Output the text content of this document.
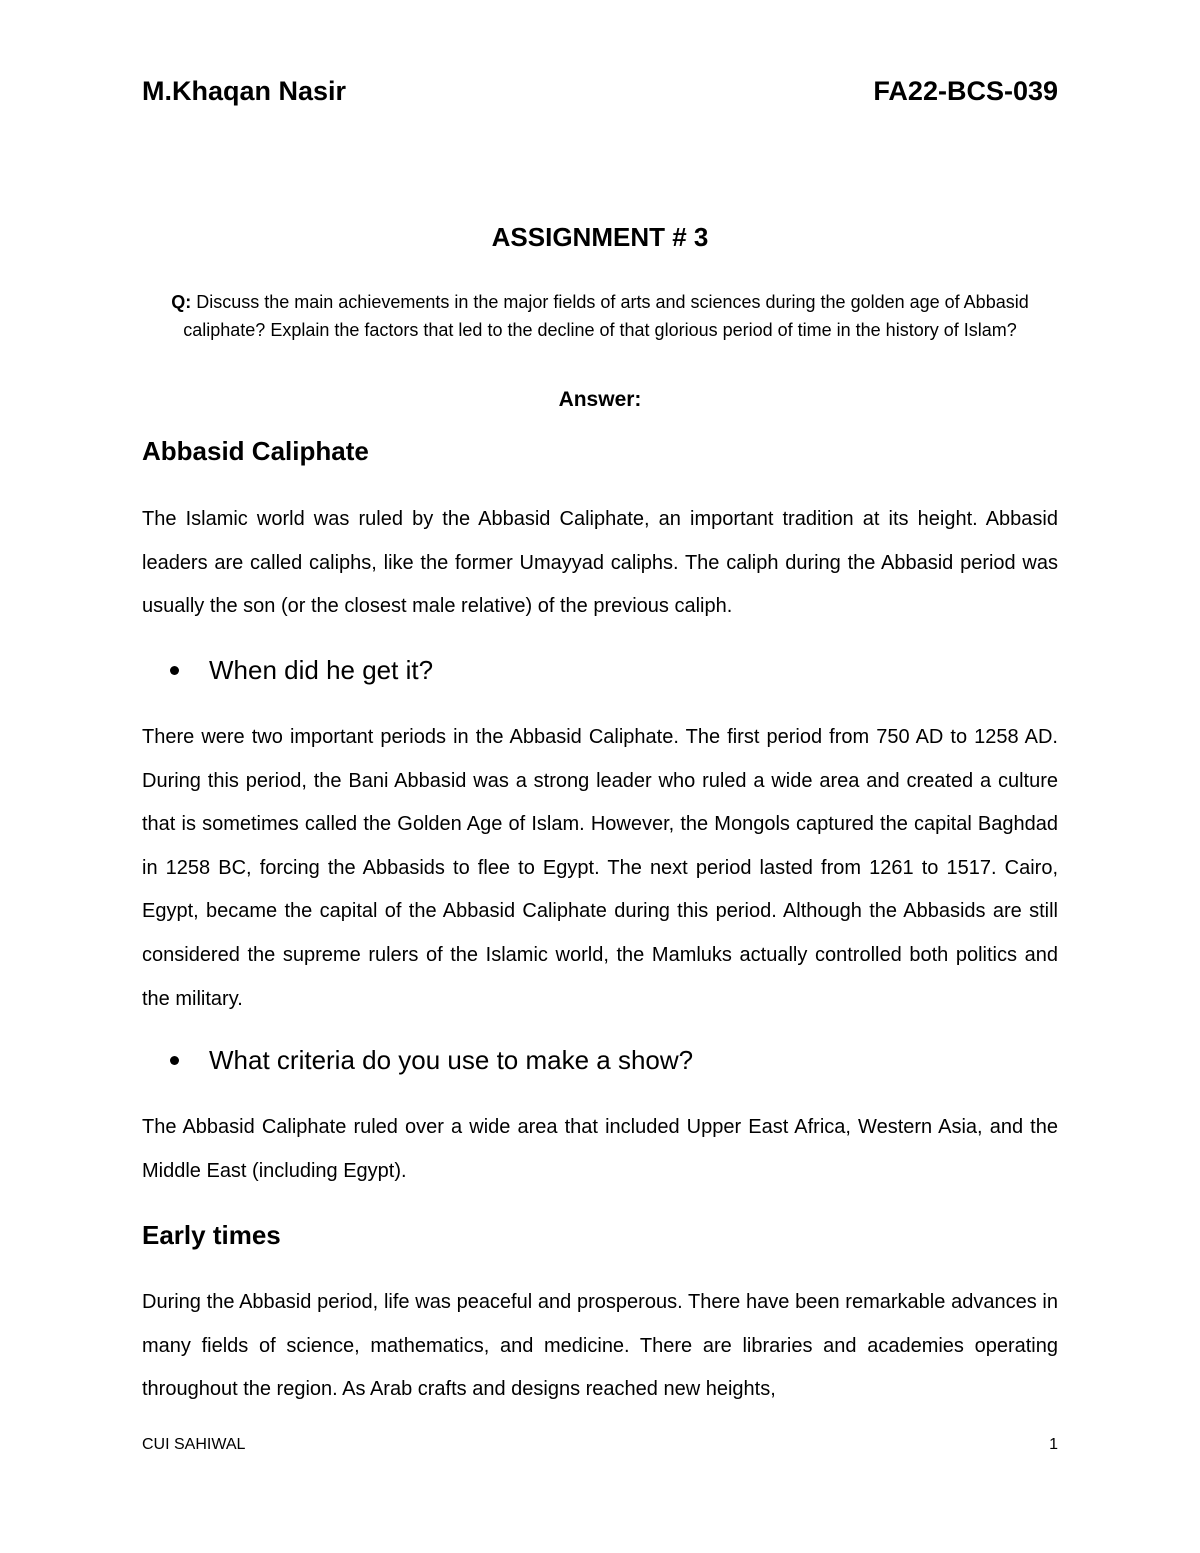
M.Khaqan Nasir	FA22-BCS-039
ASSIGNMENT # 3
Q: Discuss the main achievements in the major fields of arts and sciences during the golden age of Abbasid caliphate? Explain the factors that led to the decline of that glorious period of time in the history of Islam?
Answer:
Abbasid Caliphate
The Islamic world was ruled by the Abbasid Caliphate, an important tradition at its height. Abbasid leaders are called caliphs, like the former Umayyad caliphs. The caliph during the Abbasid period was usually the son (or the closest male relative) of the previous caliph.
When did he get it?
There were two important periods in the Abbasid Caliphate. The first period from 750 AD to 1258 AD. During this period, the Bani Abbasid was a strong leader who ruled a wide area and created a culture that is sometimes called the Golden Age of Islam. However, the Mongols captured the capital Baghdad in 1258 BC, forcing the Abbasids to flee to Egypt. The next period lasted from 1261 to 1517. Cairo, Egypt, became the capital of the Abbasid Caliphate during this period. Although the Abbasids are still considered the supreme rulers of the Islamic world, the Mamluks actually controlled both politics and the military.
What criteria do you use to make a show?
The Abbasid Caliphate ruled over a wide area that included Upper East Africa, Western Asia, and the Middle East (including Egypt).
Early times
During the Abbasid period, life was peaceful and prosperous. There have been remarkable advances in many fields of science, mathematics, and medicine. There are libraries and academies operating throughout the region. As Arab crafts and designs reached new heights,
CUI SAHIWAL	1
